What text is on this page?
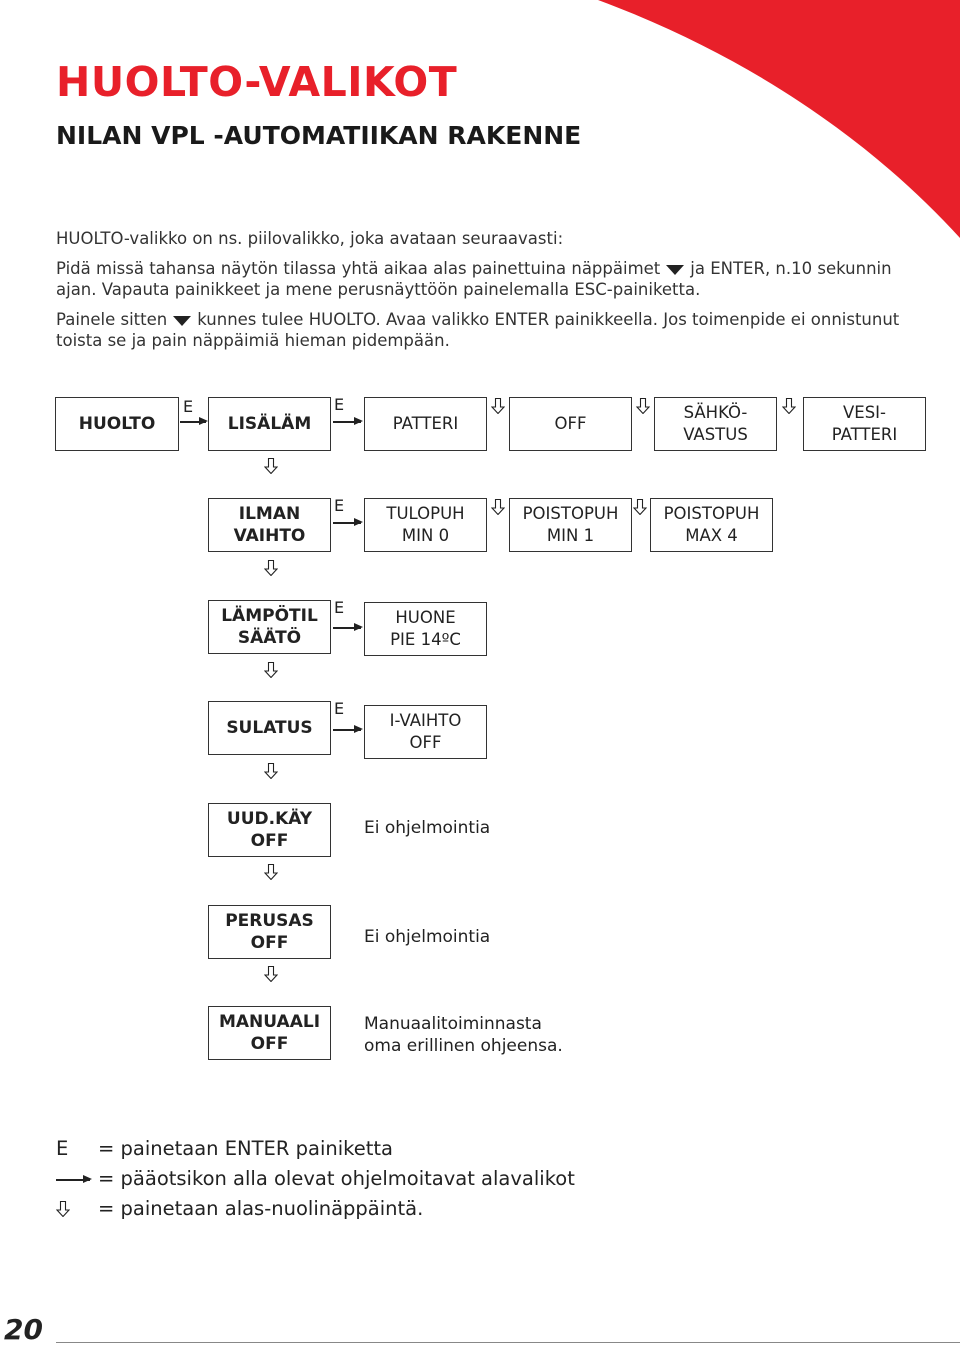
HUOLTO-VALIKOT
NILAN VPL -AUTOMATIIKAN RAKENNE
HUOLTO-valikko on ns. piilovalikko, joka avataan seuraavasti:
Pidä missä tahansa näytön tilassa yhtä aikaa alas painettuina näppäimet ja ENTER, n.10 sekunnin
ajan. Vapauta painikkeet ja mene perusnäyttöön painelemalla ESC-painiketta.
Painele sitten kunnes tulee HUOLTO. Avaa valikko ENTER painikkeella. Jos toimenpide ei onnistunut
toista se ja pain näppäimiä hieman pidempään.
HUOLTO
E
LISÄLÄM
E
PATTERI	OFF
SÄHKÖ-
VASTUS
VESI-
PATTERI
ILMAN
VAIHTO
E	TULOPUH
MIN 0
POISTOPUH
MIN 1
POISTOPUH
MAX 4
LÄMPÖTIL
SÄÄTÖ
E
HUONE
PIE 14ºC
SULATUS
E
I-VAIHTO
OFF
UUD.KÄY
OFF
Ei ohjelmointia
PERUSAS
OFF	Ei ohjelmointia
MANUAALI
OFF
Manuaalitoiminnasta
oma erillinen ohjeensa.
E = painetaan ENTER painiketta
= pääotsikon alla olevat ohjelmoitavat alavalikot
= painetaan alas-nuolinäppäintä.
20
